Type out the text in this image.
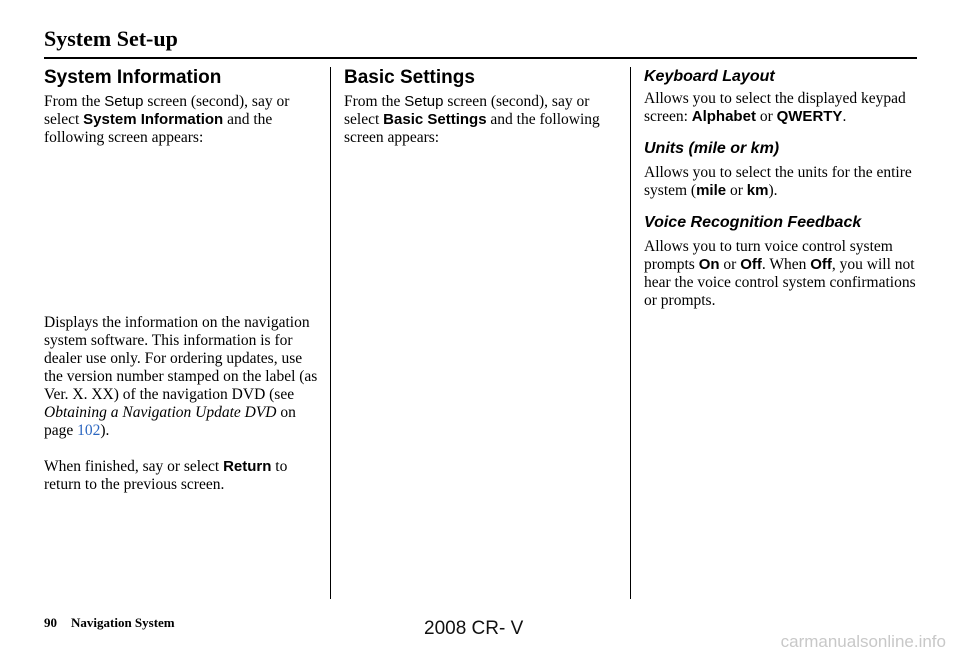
System Set-up
System Information

From the Setup screen (second), say or select System Information and the following screen appears:

Displays the information on the navigation system software. This information is for dealer use only. For ordering updates, use the version number stamped on the label (as Ver. X. XX) of the navigation DVD (see Obtaining a Navigation Update DVD on page 102).

When finished, say or select Return to return to the previous screen.

Basic Settings

From the Setup screen (second), say or select Basic Settings and the following screen appears:

Keyboard Layout

Allows you to select the displayed keypad screen: Alphabet or QWERTY.

Units (mile or km)

Allows you to select the units for the entire system (mile or km).

Voice Recognition Feedback

Allows you to turn voice control system prompts On or Off. When Off, you will not hear the voice control system confirmations or prompts.

90 Navigation System	2008 CR- V
carmanualsonline.info
